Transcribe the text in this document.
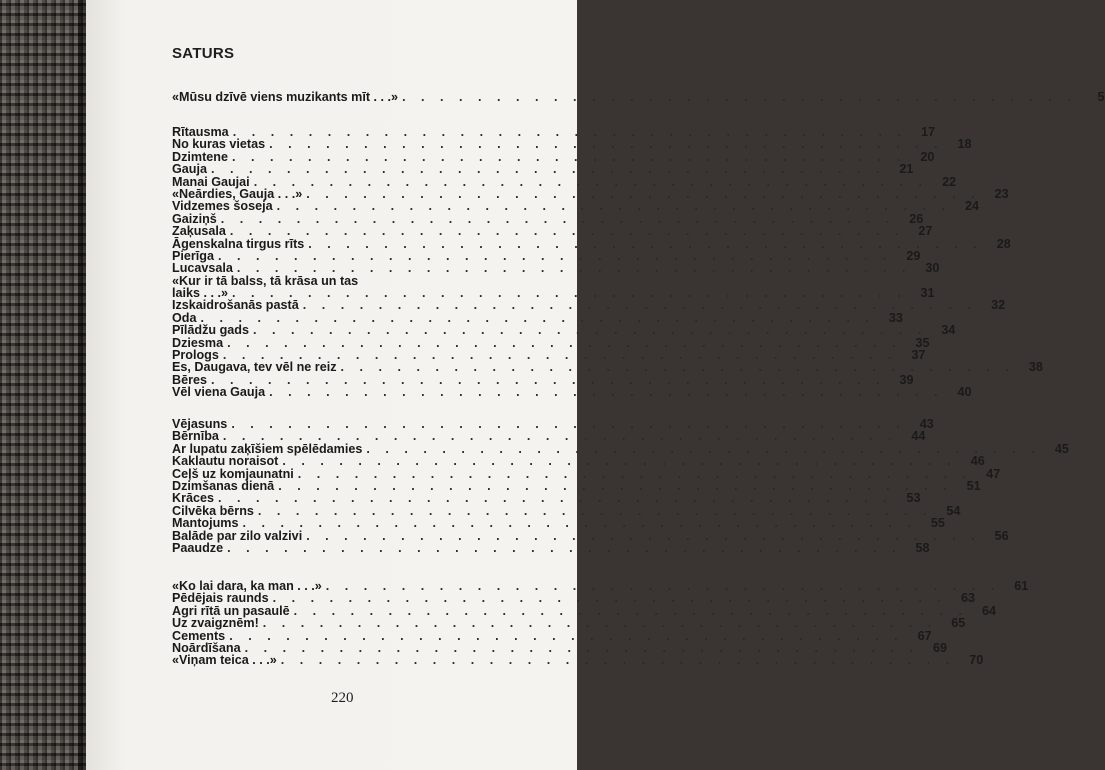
SATURS
«Mūsu dzīvē viens muzikants mīt . . .» . . . . . . . . . . . . . . . . . . . . . . . . . . . . . . . . . . . .	5
Rītausma . . . . . . . . . . . . . . . . . . . . . . . . . . . . . . . . . . . .	17
No kuras vietas . . . . . . . . . . . . . . . . . . . . . . . . . . . . . . . . . . . .	18
Dzimtene . . . . . . . . . . . . . . . . . . . . . . . . . . . . . . . . . . . .	20
Gauja . . . . . . . . . . . . . . . . . . . . . . . . . . . . . . . . . . . .	21
Manai Gaujai . . . . . . . . . . . . . . . . . . . . . . . . . . . . . . . . . . . .	22
«Neārdies, Gauja . . .» . . . . . . . . . . . . . . . . . . . . . . . . . . . . . . . . . . . .	23
Vidzemes šoseja . . . . . . . . . . . . . . . . . . . . . . . . . . . . . . . . . . . .	24
Gaiziņš . . . . . . . . . . . . . . . . . . . . . . . . . . . . . . . . . . . .	26
Zaķusala . . . . . . . . . . . . . . . . . . . . . . . . . . . . . . . . . . . .	27
Āgenskalna tirgus rīts . . . . . . . . . . . . . . . . . . . . . . . . . . . . . . . . . . . .	28
Pierīga . . . . . . . . . . . . . . . . . . . . . . . . . . . . . . . . . . . .	29
Lucavsala . . . . . . . . . . . . . . . . . . . . . . . . . . . . . . . . . . . .	30
«Kur ir tā balss, tā krāsa un tas
laiks . . .» . . . . . . . . . . . . . . . . . . . . . . . . . . . . . . . . . . . .	31
Izskaidrošanās pastā . . . . . . . . . . . . . . . . . . . . . . . . . . . . . . . . . . . .	32
Oda . . . . . . . . . . . . . . . . . . . . . . . . . . . . . . . . . . . .	33
Pīlādžu gads . . . . . . . . . . . . . . . . . . . . . . . . . . . . . . . . . . . .	34
Dziesma . . . . . . . . . . . . . . . . . . . . . . . . . . . . . . . . . . . .	35
Prologs . . . . . . . . . . . . . . . . . . . . . . . . . . . . . . . . . . . .	37
Es, Daugava, tev vēl ne reiz . . . . . . . . . . . . . . . . . . . . . . . . . . . . . . . . . . . .	38
Bēres . . . . . . . . . . . . . . . . . . . . . . . . . . . . . . . . . . . .	39
Vēl viena Gauja . . . . . . . . . . . . . . . . . . . . . . . . . . . . . . . . . . . .	40
Vējasuns . . . . . . . . . . . . . . . . . . . . . . . . . . . . . . . . . . . .	43
Bērnība . . . . . . . . . . . . . . . . . . . . . . . . . . . . . . . . . . . .	44
Ar lupatu zaķīšiem spēlēdamies . . . . . . . . . . . . . . . . . . . . . . . . . . . . . . . . . . . .	45
Kaklautu noraisot . . . . . . . . . . . . . . . . . . . . . . . . . . . . . . . . . . . .	46
Ceļš uz komjaunatni . . . . . . . . . . . . . . . . . . . . . . . . . . . . . . . . . . . .	47
Dzimšanas dienā . . . . . . . . . . . . . . . . . . . . . . . . . . . . . . . . . . . .	51
Krāces . . . . . . . . . . . . . . . . . . . . . . . . . . . . . . . . . . . .	53
Cilvēka bērns . . . . . . . . . . . . . . . . . . . . . . . . . . . . . . . . . . . .	54
Mantojums . . . . . . . . . . . . . . . . . . . . . . . . . . . . . . . . . . . .	55
Balāde par zilo valzivi . . . . . . . . . . . . . . . . . . . . . . . . . . . . . . . . . . . .	56
Paaudze . . . . . . . . . . . . . . . . . . . . . . . . . . . . . . . . . . . .	58
«Ko lai dara, ka man . . .» . . . . . . . . . . . . . . . . . . . . . . . . . . . . . . . . . . . .	61
Pēdējais raunds . . . . . . . . . . . . . . . . . . . . . . . . . . . . . . . . . . . .	63
Agri rītā un pasaulē . . . . . . . . . . . . . . . . . . . . . . . . . . . . . . . . . . . .	64
Uz zvaigznēm! . . . . . . . . . . . . . . . . . . . . . . . . . . . . . . . . . . . .	65
Cements . . . . . . . . . . . . . . . . . . . . . . . . . . . . . . . . . . . .	67
Noārdīšana . . . . . . . . . . . . . . . . . . . . . . . . . . . . . . . . . . . .	69
«Viņam teica . . .» . . . . . . . . . . . . . . . . . . . . . . . . . . . . . . . . . . . .	70
220
